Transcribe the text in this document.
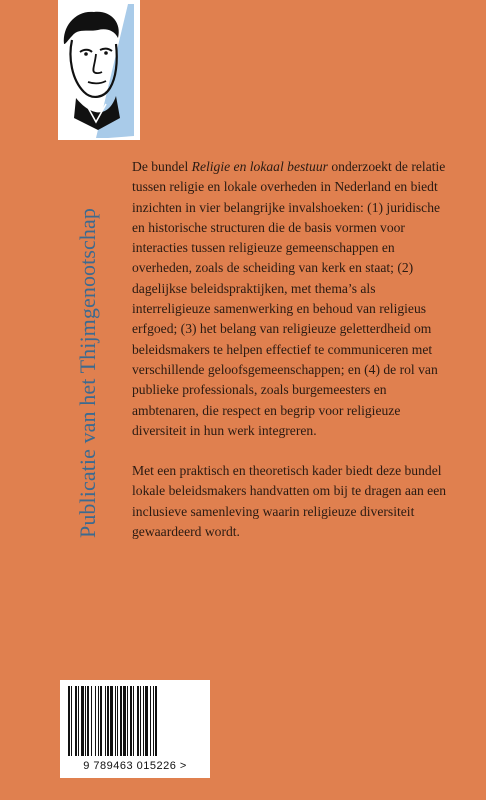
Publicatie van het Thijmgenootschap

De bundel Religie en lokaal bestuur onderzoekt de relatie tussen religie en lokale overheden in Nederland en biedt inzichten in vier belangrijke invalshoeken: (1) juridische en historische structuren die de basis vormen voor interacties tussen religieuze gemeenschappen en overheden, zoals de scheiding van kerk en staat; (2) dagelijkse beleidspraktijken, met thema’s als interreligieuze samenwerking en behoud van religieus erfgoed; (3) het belang van religieuze geletterdheid om beleidsmakers te helpen effectief te communiceren met verschillende geloofsgemeenschappen; en (4) de rol van publieke professionals, zoals burgemeesters en ambtenaren, die respect en begrip voor religieuze diversiteit in hun werk integreren.

Met een praktisch en theoretisch kader biedt deze bundel lokale beleidsmakers handvatten om bij te dragen aan een inclusieve samenleving waarin religieuze diversiteit gewaardeerd wordt.

9 789463 015226 >
